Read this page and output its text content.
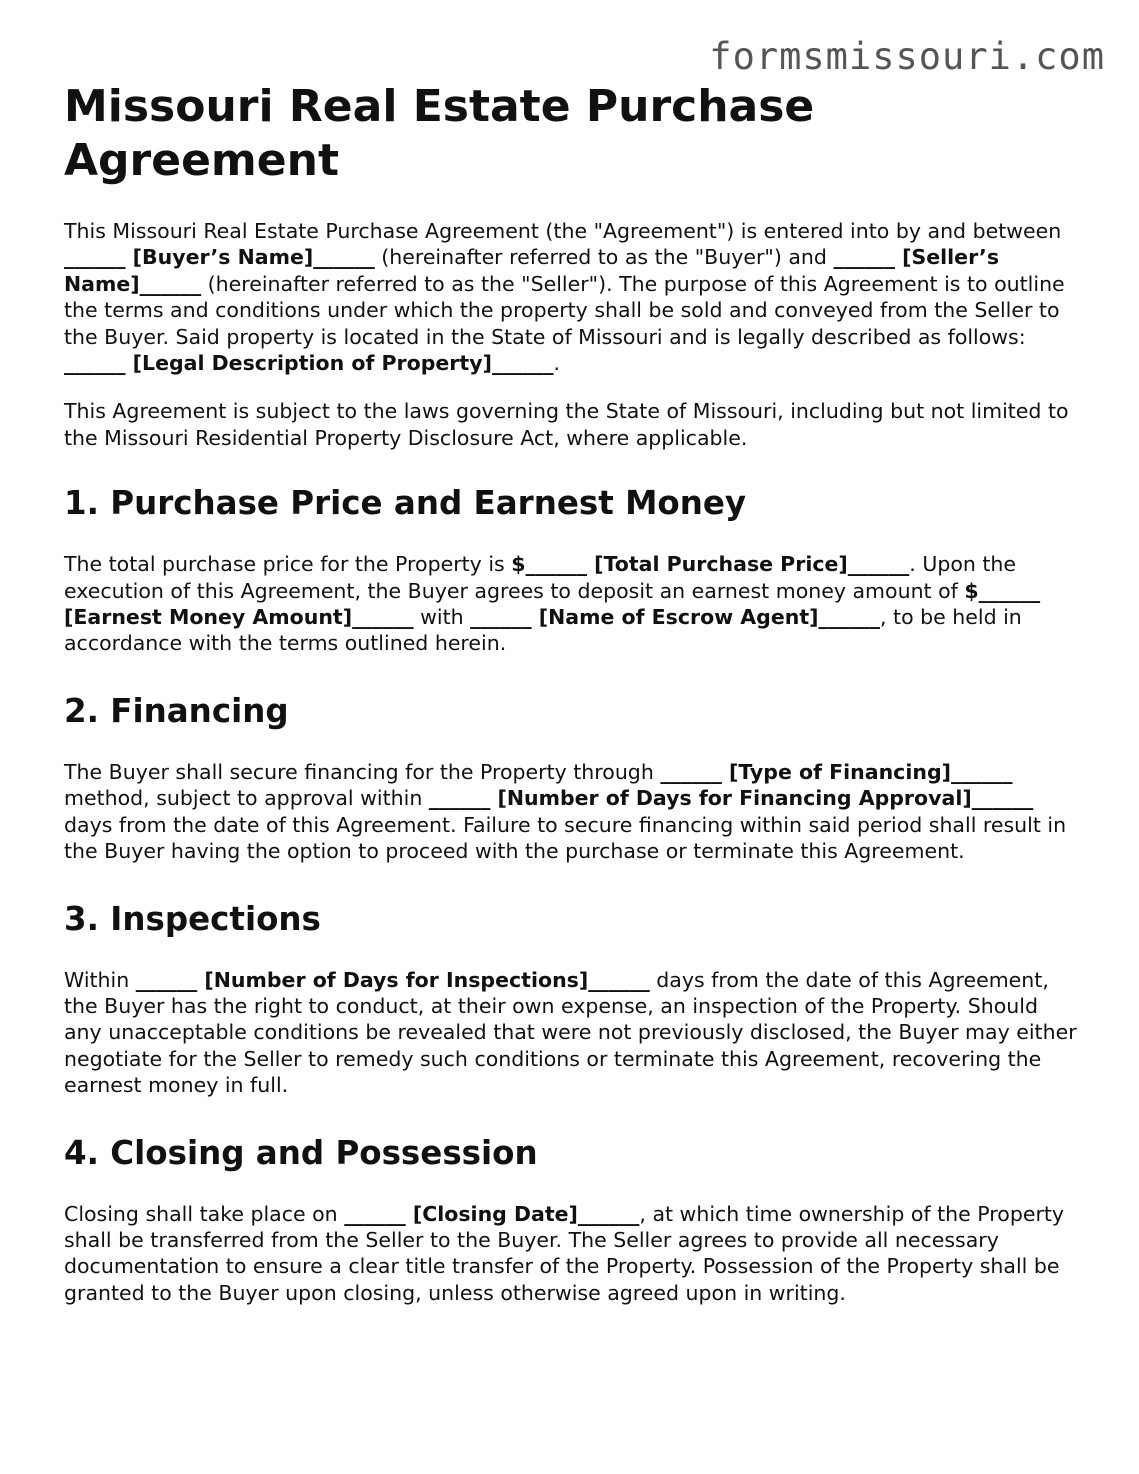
formsmissouri.com
Missouri Real Estate Purchase Agreement

This Missouri Real Estate Purchase Agreement (the "Agreement") is entered into by and between ______ [Buyer’s Name]______ (hereinafter referred to as the "Buyer") and ______ [Seller’s Name]______ (hereinafter referred to as the "Seller"). The purpose of this Agreement is to outline the terms and conditions under which the property shall be sold and conveyed from the Seller to the Buyer. Said property is located in the State of Missouri and is legally described as follows: ______ [Legal Description of Property]______.

This Agreement is subject to the laws governing the State of Missouri, including but not limited to the Missouri Residential Property Disclosure Act, where applicable.

1. Purchase Price and Earnest Money

The total purchase price for the Property is $______ [Total Purchase Price]______. Upon the execution of this Agreement, the Buyer agrees to deposit an earnest money amount of $______ [Earnest Money Amount]______ with ______ [Name of Escrow Agent]______, to be held in accordance with the terms outlined herein.

2. Financing

The Buyer shall secure financing for the Property through ______ [Type of Financing]______ method, subject to approval within ______ [Number of Days for Financing Approval]______ days from the date of this Agreement. Failure to secure financing within said period shall result in the Buyer having the option to proceed with the purchase or terminate this Agreement.

3. Inspections

Within ______ [Number of Days for Inspections]______ days from the date of this Agreement, the Buyer has the right to conduct, at their own expense, an inspection of the Property. Should any unacceptable conditions be revealed that were not previously disclosed, the Buyer may either negotiate for the Seller to remedy such conditions or terminate this Agreement, recovering the earnest money in full.

4. Closing and Possession

Closing shall take place on ______ [Closing Date]______, at which time ownership of the Property shall be transferred from the Seller to the Buyer. The Seller agrees to provide all necessary documentation to ensure a clear title transfer of the Property. Possession of the Property shall be granted to the Buyer upon closing, unless otherwise agreed upon in writing.
